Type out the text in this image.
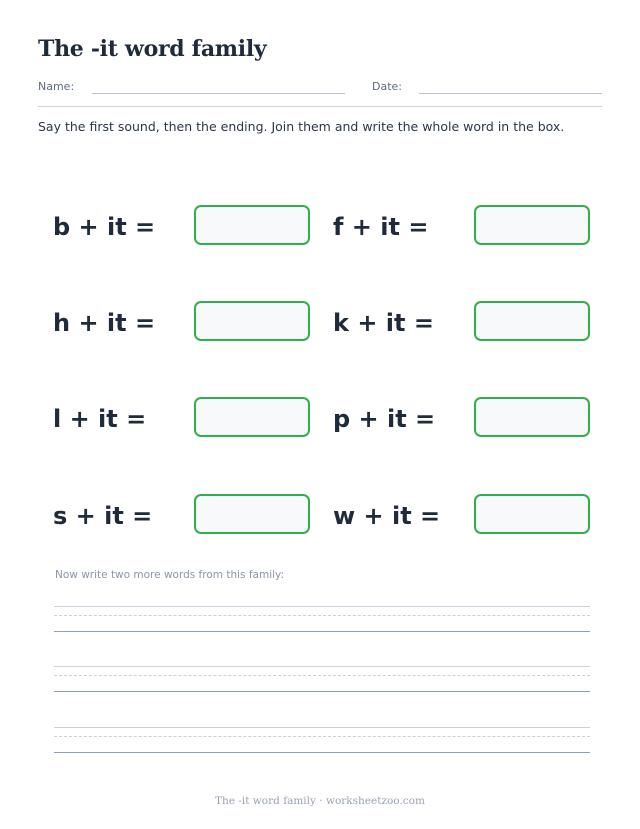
The -it word family
Name:	Date:
Say the first sound, then the ending. Join them and write the whole word in the box.
b + it =	f + it =
h + it =	k + it =
l + it =	p + it =
s + it =	w + it =
Now write two more words from this family:
The -it word family · worksheetzoo.com
